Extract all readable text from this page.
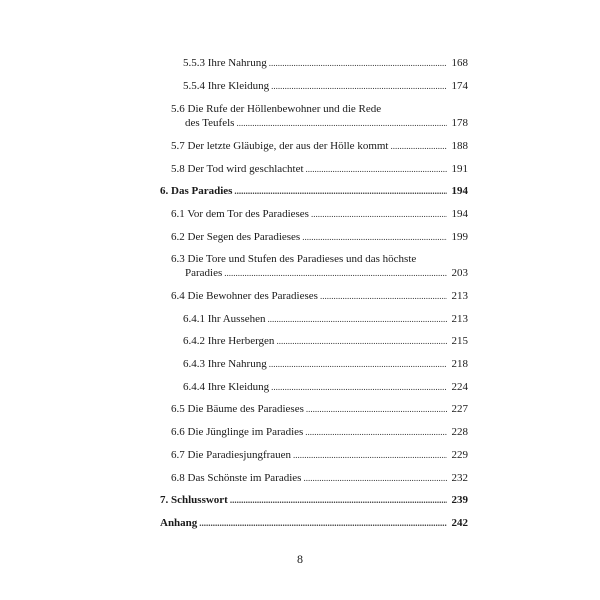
5.5.3 Ihre Nahrung .....	168
5.5.4 Ihre Kleidung .....	174
5.6 Die Rufe der Höllenbewohner und die Rede
des Teufels .....	178
5.7 Der letzte Gläubige, der aus der Hölle kommt .....	188
5.8 Der Tod wird geschlachtet .....	191
6. Das Paradies .....	194
6.1 Vor dem Tor des Paradieses .....	194
6.2 Der Segen des Paradieses .....	199
6.3 Die Tore und Stufen des Paradieses und das höchste
Paradies .....	203
6.4 Die Bewohner des Paradieses .....	213
6.4.1 Ihr Aussehen .....	213
6.4.2 Ihre Herbergen .....	215
6.4.3 Ihre Nahrung .....	218
6.4.4 Ihre Kleidung .....	224
6.5 Die Bäume des Paradieses .....	227
6.6 Die Jünglinge im Paradies .....	228
6.7 Die Paradiesjungfrauen .....	229
6.8 Das Schönste im Paradies .....	232
7. Schlusswort .....	239
Anhang .....	242
8
